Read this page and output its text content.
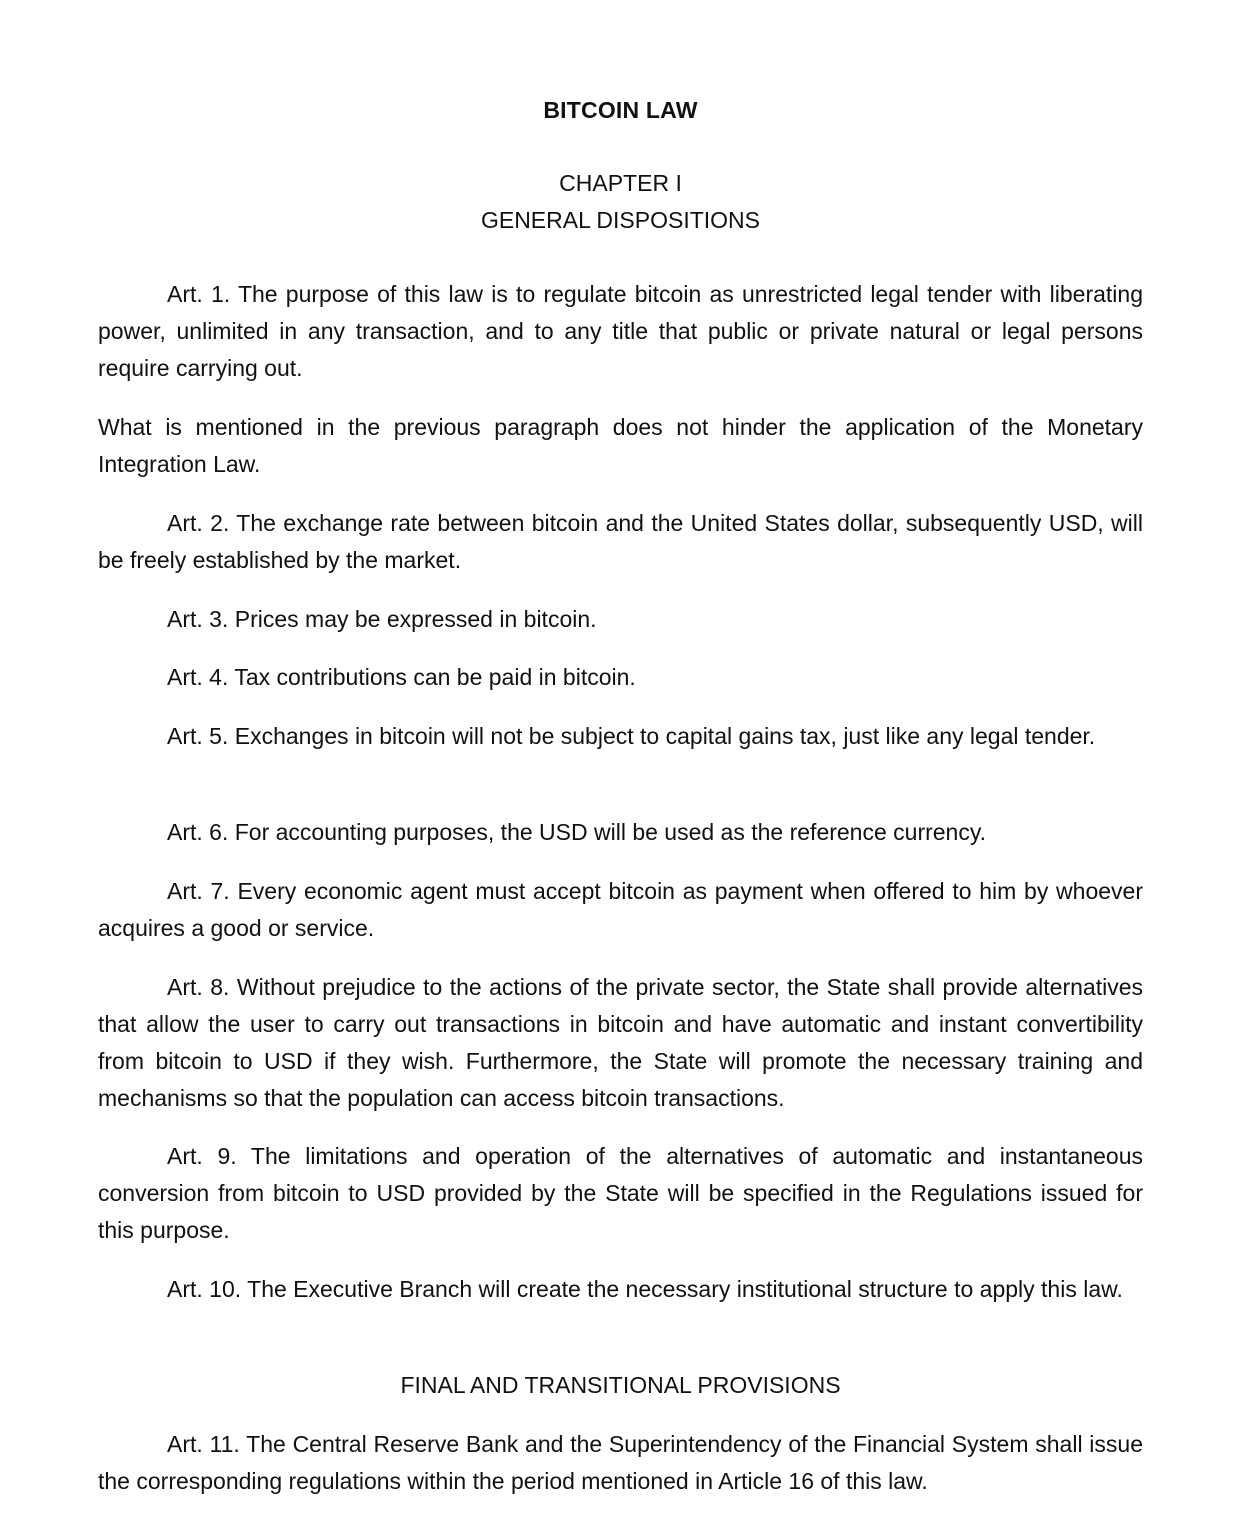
BITCOIN LAW
CHAPTER I
GENERAL DISPOSITIONS
Art. 1. The purpose of this law is to regulate bitcoin as unrestricted legal tender with liberating power, unlimited in any transaction, and to any title that public or private natural or legal persons require carrying out.
What is mentioned in the previous paragraph does not hinder the application of the Monetary Integration Law.
Art. 2. The exchange rate between bitcoin and the United States dollar, subsequently USD, will be freely established by the market.
Art. 3. Prices may be expressed in bitcoin.
Art. 4. Tax contributions can be paid in bitcoin.
Art. 5. Exchanges in bitcoin will not be subject to capital gains tax, just like any legal tender.
Art. 6. For accounting purposes, the USD will be used as the reference currency.
Art. 7. Every economic agent must accept bitcoin as payment when offered to him by whoever acquires a good or service.
Art. 8. Without prejudice to the actions of the private sector, the State shall provide alternatives that allow the user to carry out transactions in bitcoin and have automatic and instant convertibility from bitcoin to USD if they wish. Furthermore, the State will promote the necessary training and mechanisms so that the population can access bitcoin transactions.
Art. 9. The limitations and operation of the alternatives of automatic and instantaneous conversion from bitcoin to USD provided by the State will be specified in the Regulations issued for this purpose.
Art. 10. The Executive Branch will create the necessary institutional structure to apply this law.
FINAL AND TRANSITIONAL PROVISIONS
Art. 11. The Central Reserve Bank and the Superintendency of the Financial System shall issue the corresponding regulations within the period mentioned in Article 16 of this law.
